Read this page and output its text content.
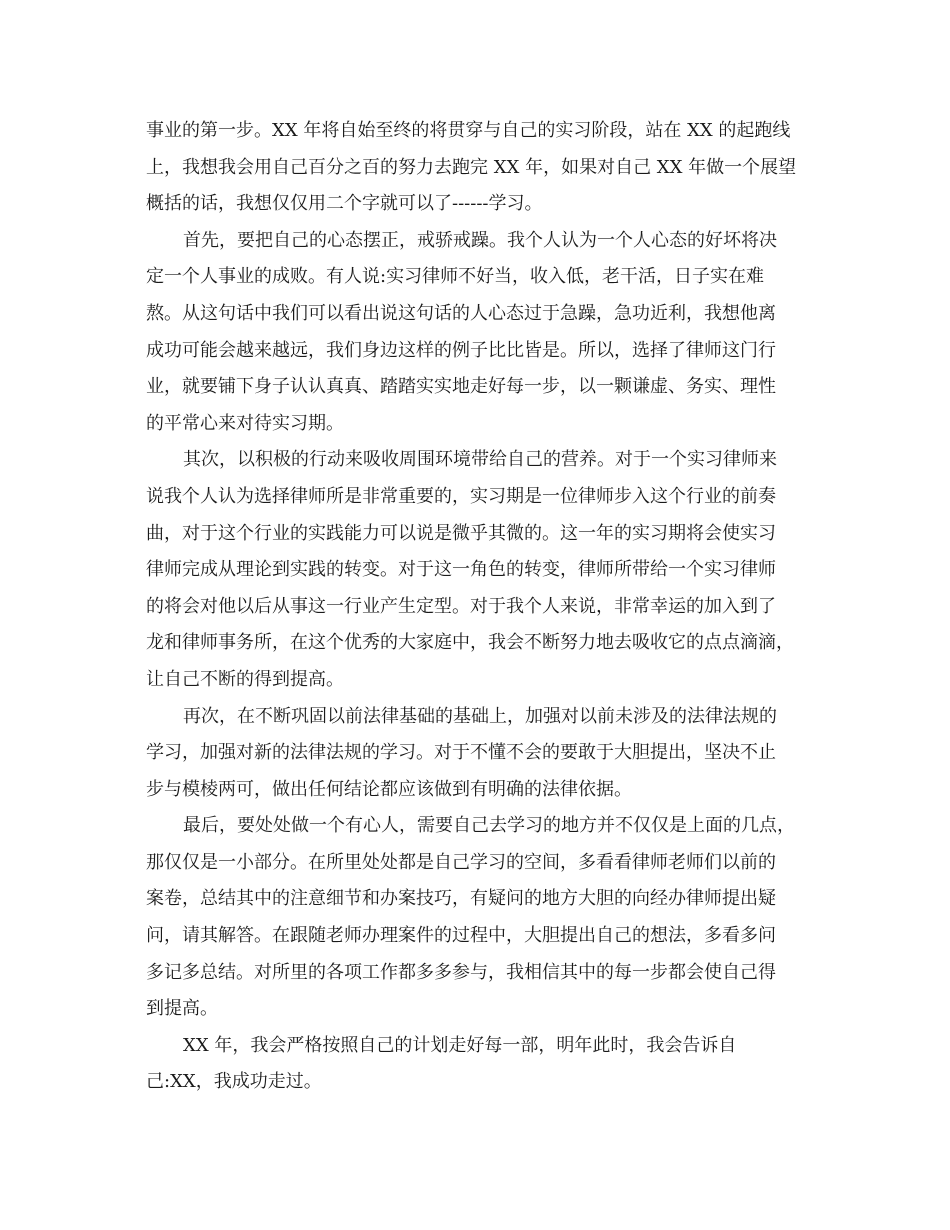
事业的第一步。XX 年将自始至终的将贯穿与自己的实习阶段，站在 XX 的起跑线
上，我想我会用自己百分之百的努力去跑完 XX 年，如果对自己 XX 年做一个展望
概括的话，我想仅仅用二个字就可以了------学习。
首先，要把自己的心态摆正，戒骄戒躁。我个人认为一个人心态的好坏将决
定一个人事业的成败。有人说:实习律师不好当，收入低，老干活，日子实在难
熬。从这句话中我们可以看出说这句话的人心态过于急躁，急功近利，我想他离
成功可能会越来越远，我们身边这样的例子比比皆是。所以，选择了律师这门行
业，就要铺下身子认认真真、踏踏实实地走好每一步，以一颗谦虚、务实、理性
的平常心来对待实习期。
其次，以积极的行动来吸收周围环境带给自己的营养。对于一个实习律师来
说我个人认为选择律师所是非常重要的，实习期是一位律师步入这个行业的前奏
曲，对于这个行业的实践能力可以说是微乎其微的。这一年的实习期将会使实习
律师完成从理论到实践的转变。对于这一角色的转变，律师所带给一个实习律师
的将会对他以后从事这一行业产生定型。对于我个人来说，非常幸运的加入到了
龙和律师事务所，在这个优秀的大家庭中，我会不断努力地去吸收它的点点滴滴，
让自己不断的得到提高。
再次，在不断巩固以前法律基础的基础上，加强对以前未涉及的法律法规的
学习，加强对新的法律法规的学习。对于不懂不会的要敢于大胆提出，坚决不止
步与模棱两可，做出任何结论都应该做到有明确的法律依据。
最后，要处处做一个有心人，需要自己去学习的地方并不仅仅是上面的几点，
那仅仅是一小部分。在所里处处都是自己学习的空间，多看看律师老师们以前的
案卷，总结其中的注意细节和办案技巧，有疑问的地方大胆的向经办律师提出疑
问，请其解答。在跟随老师办理案件的过程中，大胆提出自己的想法，多看多问
多记多总结。对所里的各项工作都多多参与，我相信其中的每一步都会使自己得
到提高。
XX 年，我会严格按照自己的计划走好每一部，明年此时，我会告诉自
己:XX，我成功走过。
